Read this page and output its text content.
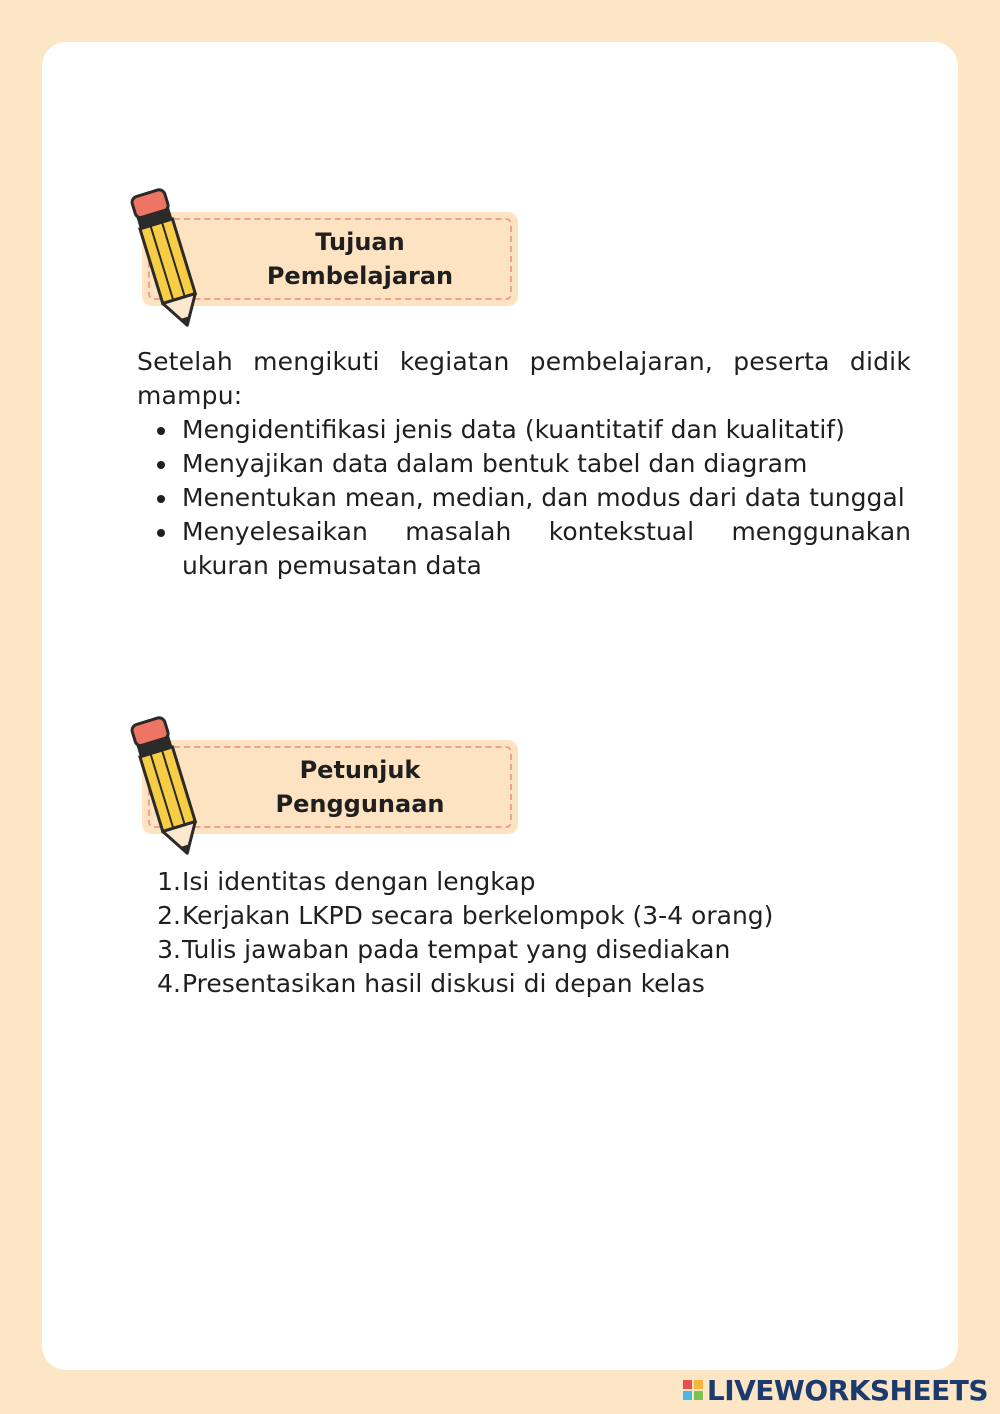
Tujuan
Pembelajaran
Setelah mengikuti kegiatan pembelajaran, peserta didik mampu:
Mengidentifikasi jenis data (kuantitatif dan kualitatif)
Menyajikan data dalam bentuk tabel dan diagram
Menentukan mean, median, dan modus dari data tunggal
Menyelesaikan masalah kontekstual menggunakan ukuran pemusatan data
Petunjuk
Penggunaan
1. Isi identitas dengan lengkap
2. Kerjakan LKPD secara berkelompok (3-4 orang)
3. Tulis jawaban pada tempat yang disediakan
4. Presentasikan hasil diskusi di depan kelas
LIVEWORKSHEETS
